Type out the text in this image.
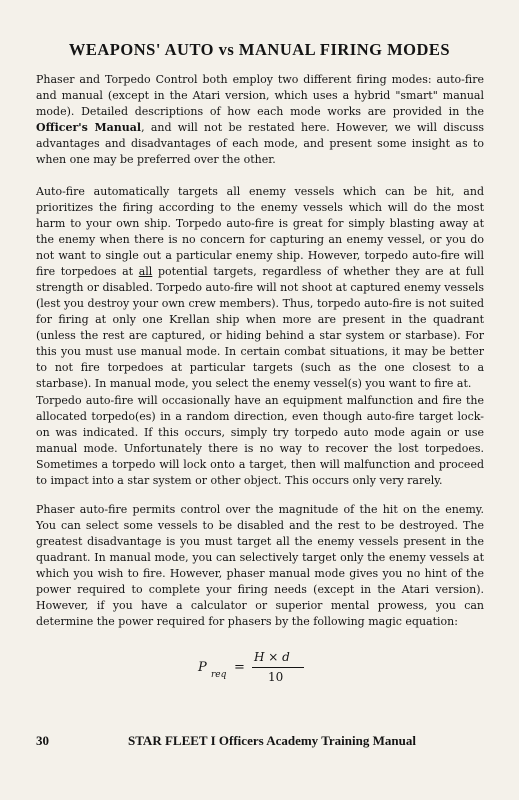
WEAPONS' AUTO vs MANUAL FIRING MODES

Phaser and Torpedo Control both employ two different firing modes: auto-fire and manual (except in the Atari version, which uses a hybrid "smart" manual mode). Detailed descriptions of how each mode works are provided in the Officer's Manual, and will not be restated here. However, we will discuss advantages and disadvantages of each mode, and present some insight as to when one may be preferred over the other.

Auto-fire automatically targets all enemy vessels which can be hit, and prioritizes the firing according to the enemy vessels which will do the most harm to your own ship. Torpedo auto-fire is great for simply blasting away at the enemy when there is no concern for capturing an enemy vessel, or you do not want to single out a particular enemy ship. However, torpedo auto-fire will fire torpedoes at all potential targets, regardless of whether they are at full strength or disabled. Torpedo auto-fire will not shoot at captured enemy vessels (lest you destroy your own crew members). Thus, torpedo auto-fire is not suited for firing at only one Krellan ship when more are present in the quadrant (unless the rest are captured, or hiding behind a star system or starbase). For this you must use manual mode. In certain combat situations, it may be better to not fire torpedoes at particular targets (such as the one closest to a starbase). In manual mode, you select the enemy vessel(s) you want to fire at.

Torpedo auto-fire will occasionally have an equipment malfunction and fire the allocated torpedo(es) in a random direction, even though auto-fire target lock-on was indicated. If this occurs, simply try torpedo auto mode again or use manual mode. Unfortunately there is no way to recover the lost torpedoes. Sometimes a torpedo will lock onto a target, then will malfunction and proceed to impact into a star system or other object. This occurs only very rarely.

Phaser auto-fire permits control over the magnitude of the hit on the enemy. You can select some vessels to be disabled and the rest to be destroyed. The greatest disadvantage is you must target all the enemy vessels present in the quadrant. In manual mode, you can selectively target only the enemy vessels at which you wish to fire. However, phaser manual mode gives you no hint of the power required to complete your firing needs (except in the Atari version). However, if you have a calculator or superior mental prowess, you can determine the power required for phasers by the following magic equation:

P req =
H × d
10
30	STAR FLEET I Officers Academy Training Manual
